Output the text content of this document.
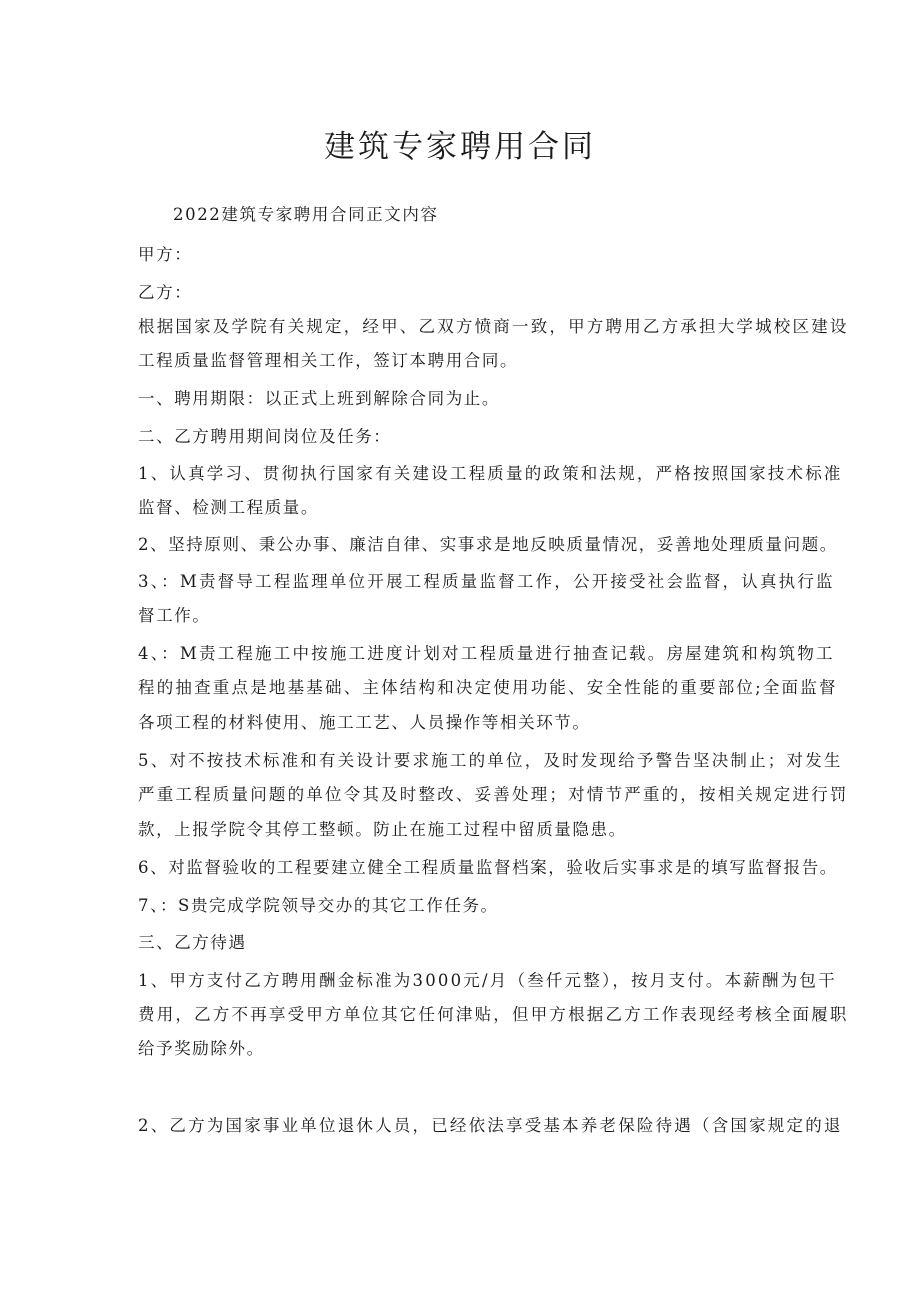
建筑专家聘用合同

2022建筑专家聘用合同正文内容

甲方：

乙方：

根据国家及学院有关规定，经甲、乙双方愤商一致，甲方聘用乙方承担大学城校区建设

工程质量监督管理相关工作，签订本聘用合同。

一、聘用期限：以正式上班到解除合同为止。

二、乙方聘用期间岗位及任务：

1、认真学习、贯彻执行国家有关建设工程质量的政策和法规，严格按照国家技术标准

监督、检测工程质量。

2、坚持原则、秉公办事、廉洁自律、实事求是地反映质量情况，妥善地处理质量问题。

3、：M责督导工程监理单位开展工程质量监督工作，公开接受社会监督，认真执行监

督工作。

4、：M责工程施工中按施工进度计划对工程质量进行抽查记载。房屋建筑和构筑物工

程的抽查重点是地基基础、主体结构和决定使用功能、安全性能的重要部位;全面监督

各项工程的材料使用、施工工艺、人员操作等相关环节。

5、对不按技术标准和有关设计要求施工的单位，及时发现给予警告坚决制止；对发生

严重工程质量问题的单位令其及时整改、妥善处理；对情节严重的，按相关规定进行罚

款，上报学院令其停工整顿。防止在施工过程中留质量隐患。

6、对监督验收的工程要建立健全工程质量监督档案，验收后实事求是的填写监督报告。

7、：S贵完成学院领导交办的其它工作任务。

三、乙方待遇

1、甲方支付乙方聘用酬金标准为3000元/月（叁仟元整），按月支付。本薪酬为包干

费用，乙方不再享受甲方单位其它任何津贴，但甲方根据乙方工作表现经考核全面履职

给予奖励除外。

2、乙方为国家事业单位退休人员，已经依法享受基本养老保险待遇（含国家规定的退
